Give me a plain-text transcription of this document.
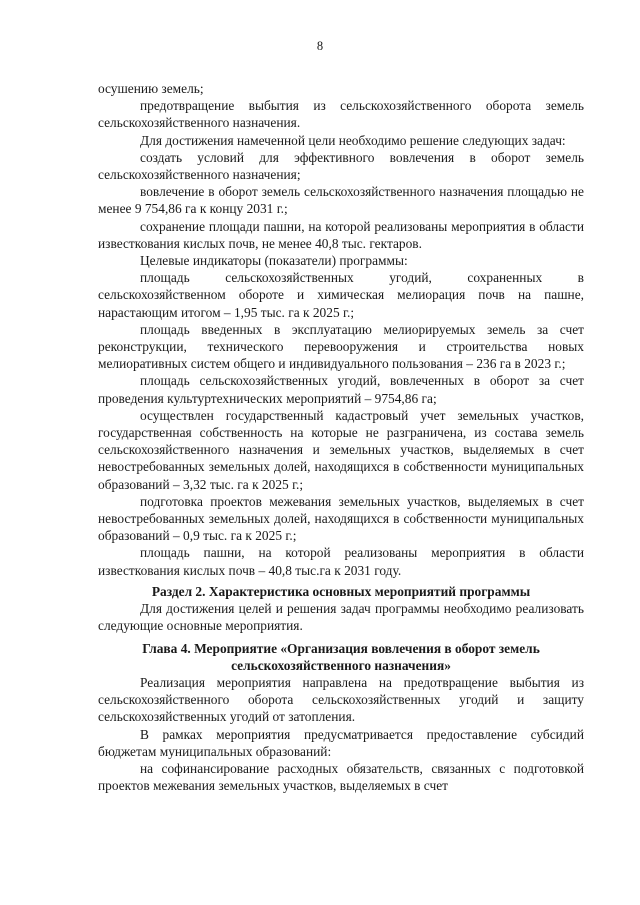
8

осушению земель;

предотвращение выбытия из сельскохозяйственного оборота земель сельскохозяйственного назначения.

Для достижения намеченной цели необходимо решение следующих задач:

создать условий для эффективного вовлечения в оборот земель сельскохозяйственного назначения;

вовлечение в оборот земель сельскохозяйственного назначения площадью не менее 9 754,86 га к концу 2031 г.;

сохранение площади пашни, на которой реализованы мероприятия в области известкования кислых почв, не менее 40,8 тыс. гектаров.

Целевые индикаторы (показатели) программы:

площадь сельскохозяйственных угодий, сохраненных в сельскохозяйственном обороте и химическая мелиорация почв на пашне, нарастающим итогом – 1,95 тыс. га к 2025 г.;

площадь введенных в эксплуатацию мелиорируемых земель за счет реконструкции, технического перевооружения и строительства новых мелиоративных систем общего и индивидуального пользования – 236 га в 2023 г.;

площадь сельскохозяйственных угодий, вовлеченных в оборот за счет проведения культуртехнических мероприятий – 9754,86 га;

осуществлен государственный кадастровый учет земельных участков, государственная собственность на которые не разграничена, из состава земель сельскохозяйственного назначения и земельных участков, выделяемых в счет невостребованных земельных долей, находящихся в собственности муниципальных образований – 3,32 тыс. га к 2025 г.;

подготовка проектов межевания земельных участков, выделяемых в счет невостребованных земельных долей, находящихся в собственности муниципальных образований – 0,9 тыс. га к 2025 г.;

площадь пашни, на которой реализованы мероприятия в области известкования кислых почв – 40,8 тыс.га к 2031 году.

Раздел 2. Характеристика основных мероприятий программы

Для достижения целей и решения задач программы необходимо реализовать следующие основные мероприятия.

Глава 4. Мероприятие «Организация вовлечения в оборот земель
сельскохозяйственного назначения»

Реализация мероприятия направлена на предотвращение выбытия из сельскохозяйственного оборота сельскохозяйственных угодий и защиту сельскохозяйственных угодий от затопления.

В рамках мероприятия предусматривается предоставление субсидий бюджетам муниципальных образований:

на софинансирование расходных обязательств, связанных с подготовкой проектов межевания земельных участков, выделяемых в счет
